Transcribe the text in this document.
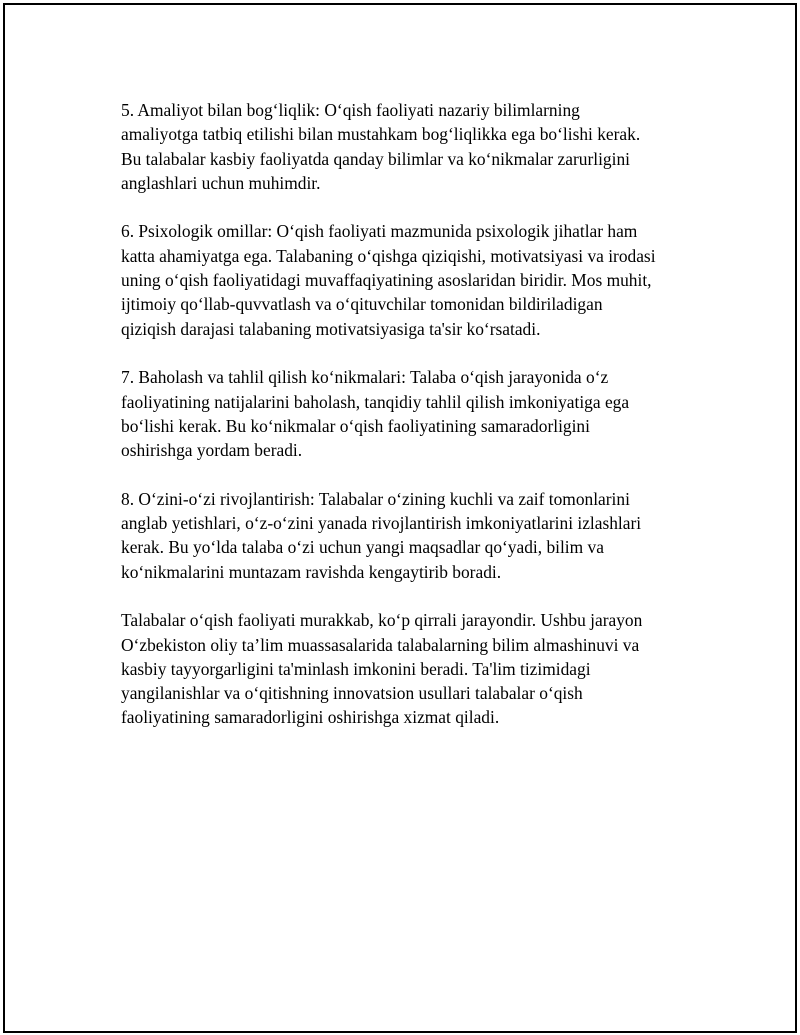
5. Amaliyot bilan bog‘liqlik: O‘qish faoliyati nazariy bilimlarning
amaliyotga tatbiq etilishi bilan mustahkam bog‘liqlikka ega bo‘lishi kerak.
Bu talabalar kasbiy faoliyatda qanday bilimlar va ko‘nikmalar zarurligini
anglashlari uchun muhimdir.

6. Psixologik omillar: O‘qish faoliyati mazmunida psixologik jihatlar ham
katta ahamiyatga ega. Talabaning o‘qishga qiziqishi, motivatsiyasi va irodasi
uning o‘qish faoliyatidagi muvaffaqiyatining asoslaridan biridir. Mos muhit,
ijtimoiy qo‘llab-quvvatlash va o‘qituvchilar tomonidan bildiriladigan
qiziqish darajasi talabaning motivatsiyasiga ta'sir ko‘rsatadi.

7. Baholash va tahlil qilish ko‘nikmalari: Talaba o‘qish jarayonida o‘z
faoliyatining natijalarini baholash, tanqidiy tahlil qilish imkoniyatiga ega
bo‘lishi kerak. Bu ko‘nikmalar o‘qish faoliyatining samaradorligini
oshirishga yordam beradi.

8. O‘zini-o‘zi rivojlantirish: Talabalar o‘zining kuchli va zaif tomonlarini
anglab yetishlari, o‘z-o‘zini yanada rivojlantirish imkoniyatlarini izlashlari
kerak. Bu yo‘lda talaba o‘zi uchun yangi maqsadlar qo‘yadi, bilim va
ko‘nikmalarini muntazam ravishda kengaytirib boradi.

Talabalar o‘qish faoliyati murakkab, ko‘p qirrali jarayondir. Ushbu jarayon
O‘zbekiston oliy ta’lim muassasalarida talabalarning bilim almashinuvi va
kasbiy tayyorgarligini ta'minlash imkonini beradi. Ta'lim tizimidagi
yangilanishlar va o‘qitishning innovatsion usullari talabalar o‘qish
faoliyatining samaradorligini oshirishga xizmat qiladi.
